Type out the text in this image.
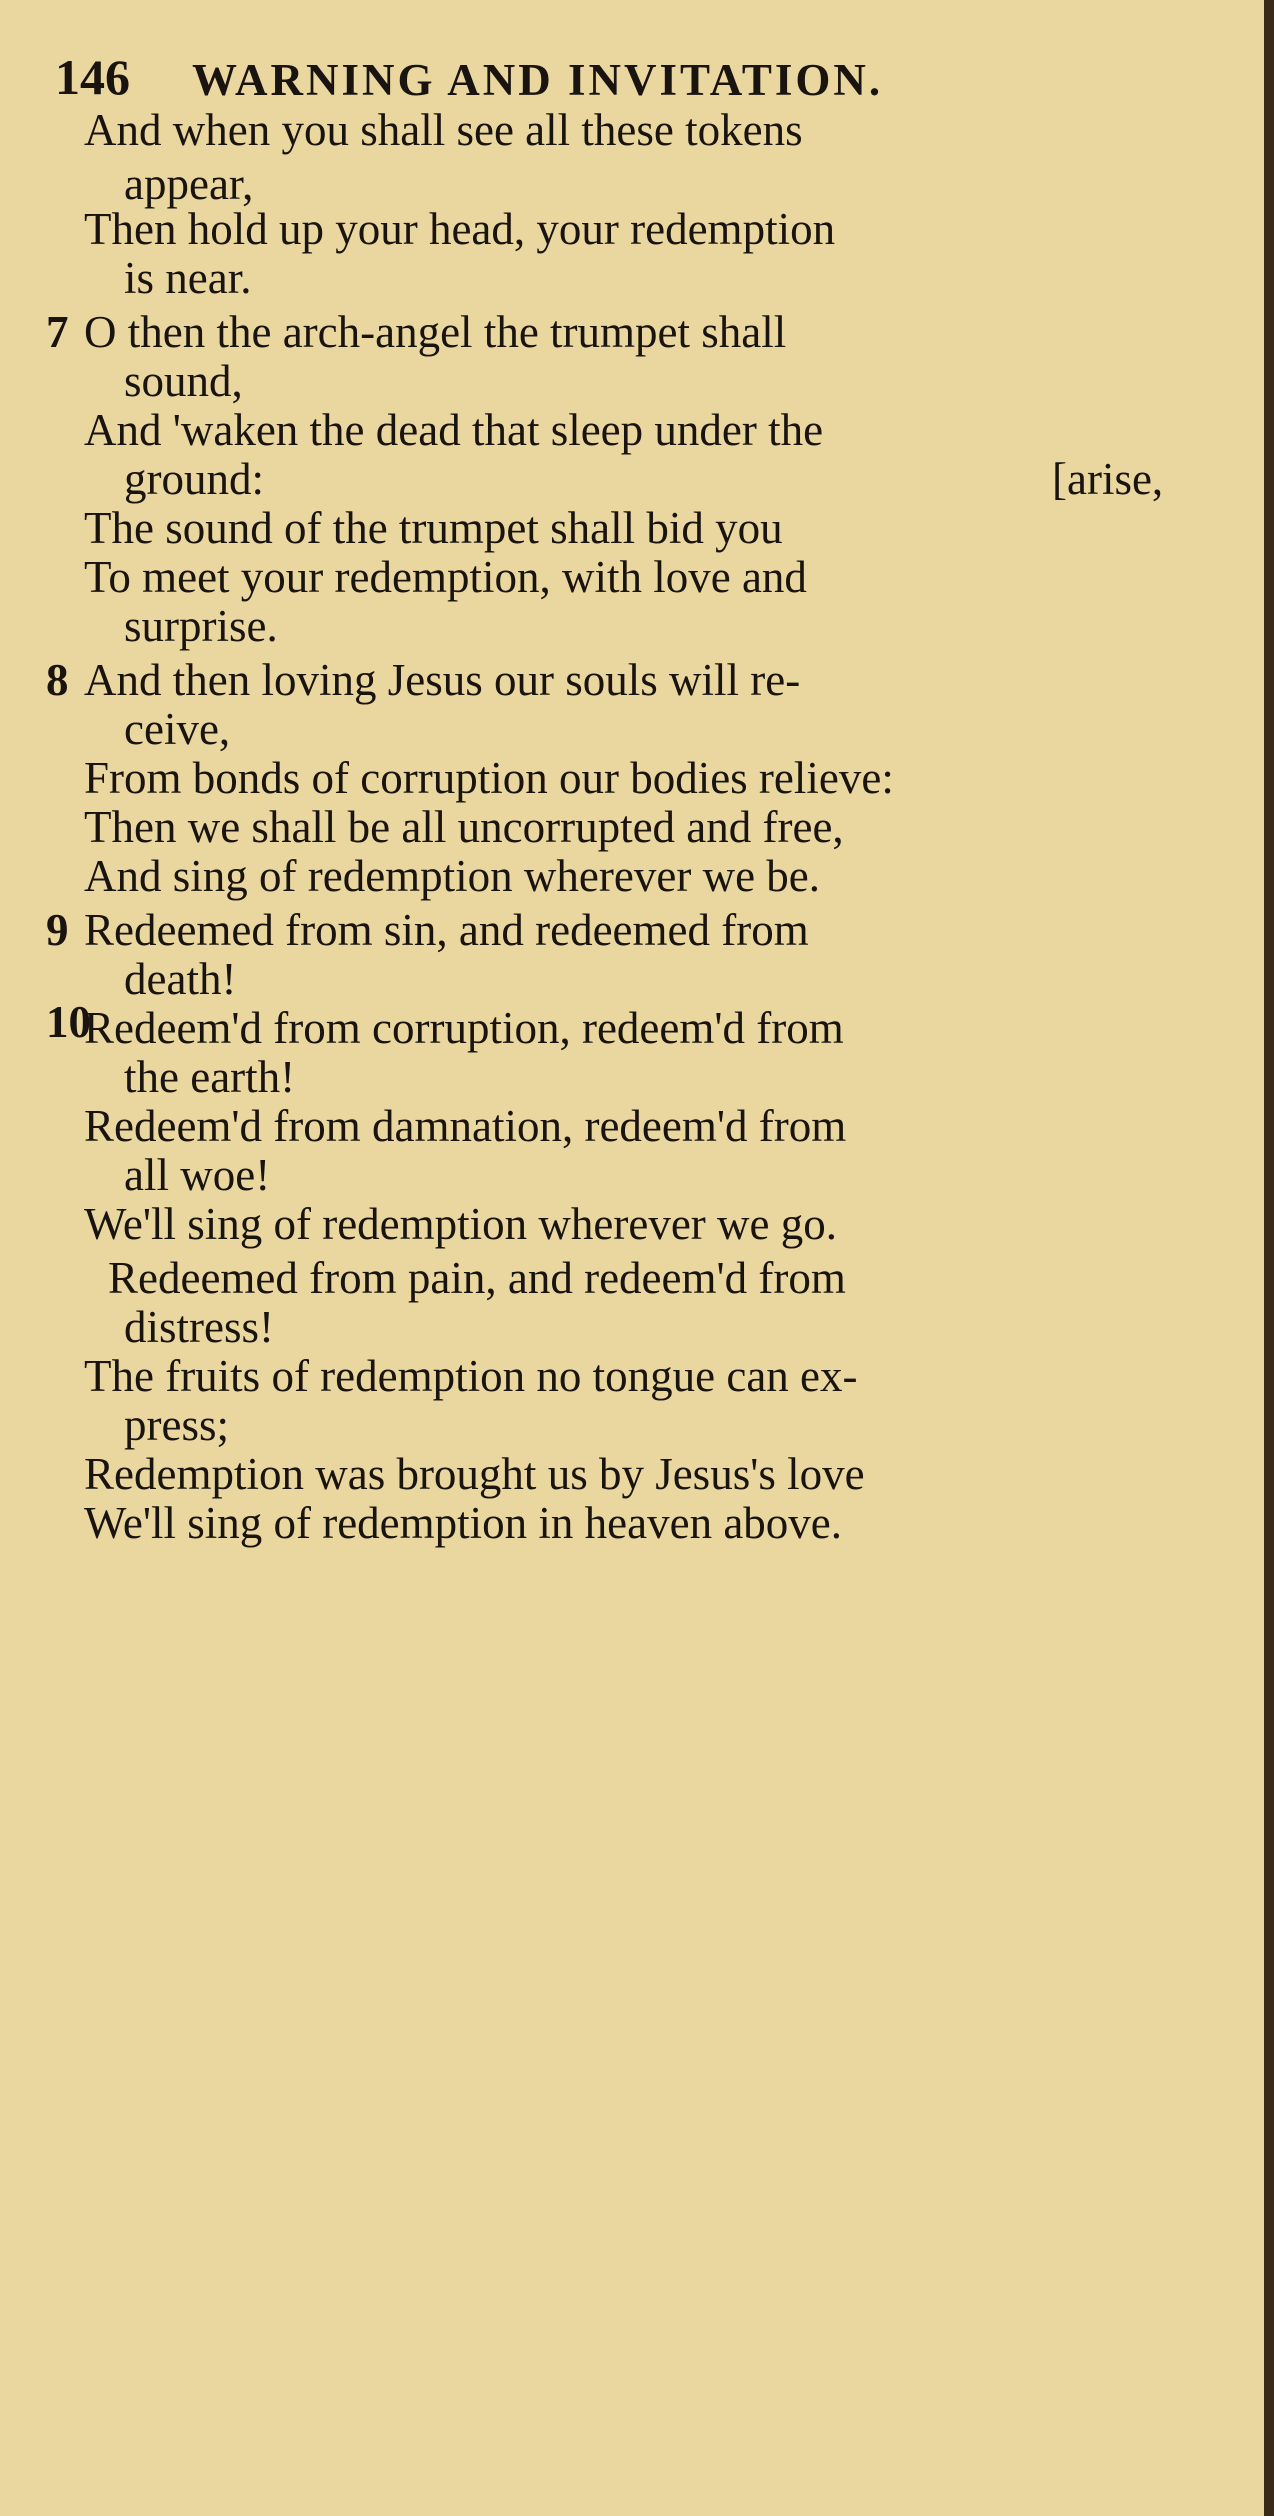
146 WARNING AND INVITATION.
And when you shall see all these tokens
appear,
Then hold up your head, your redemption
is near.
7 O then the arch-angel the trumpet shall
sound,
And 'waken the dead that sleep under the
ground:	[arise,
The sound of the trumpet shall bid you
To meet your redemption, with love and
surprise.
8 And then loving Jesus our souls will re-
ceive,
From bonds of corruption our bodies relieve:
Then we shall be all uncorrupted and free,
And sing of redemption wherever we be.
9 Redeemed from sin, and redeemed from
death!
Redeem'd from corruption, redeem'd from
the earth!
Redeem'd from damnation, redeem'd from
all woe!
We'll sing of redemption wherever we go.
10
Redeemed from pain, and redeem'd from
distress!
The fruits of redemption no tongue can ex-
press;
Redemption was brought us by Jesus's love
We'll sing of redemption in heaven above.
